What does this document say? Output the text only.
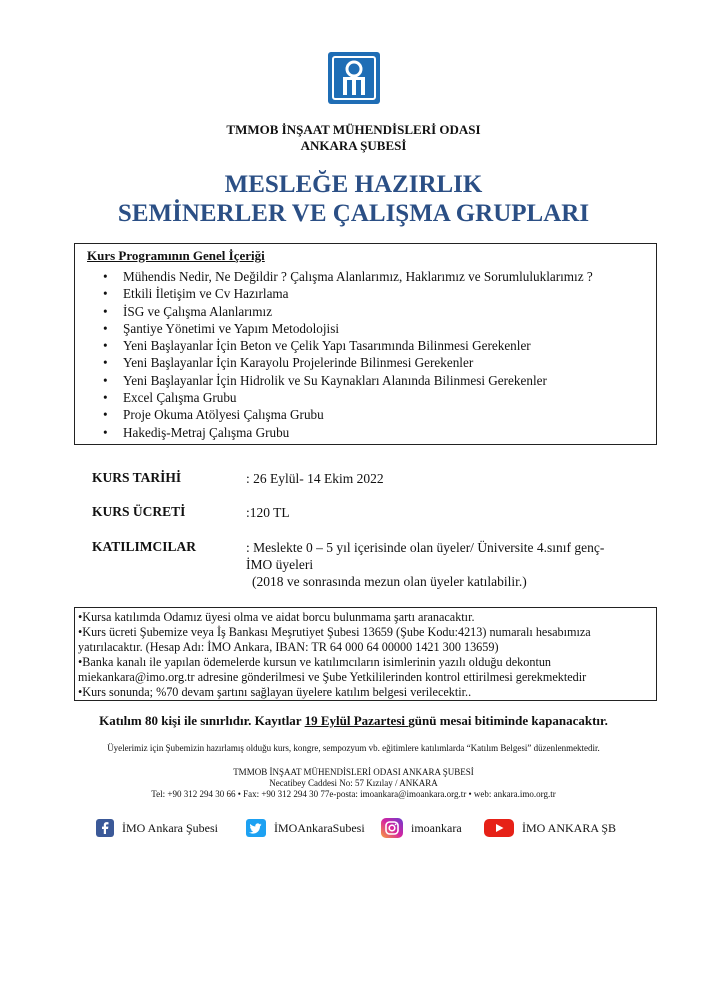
TMMOB İNŞAAT MÜHENDİSLERİ ODASI
ANKARA ŞUBESİ
MESLEĞE HAZIRLIK
SEMİNERLER VE ÇALIŞMA GRUPLARI
Kurs Programının Genel İçeriği
• Mühendis Nedir, Ne Değildir ? Çalışma Alanlarımız, Haklarımız ve Sorumluluklarımız ?
• Etkili İletişim ve Cv Hazırlama
• İSG ve Çalışma Alanlarımız
• Şantiye Yönetimi ve Yapım Metodolojisi
• Yeni Başlayanlar İçin Beton ve Çelik Yapı Tasarımında Bilinmesi Gerekenler
• Yeni Başlayanlar İçin Karayolu Projelerinde Bilinmesi Gerekenler
• Yeni Başlayanlar İçin Hidrolik ve Su Kaynakları Alanında Bilinmesi Gerekenler
• Excel Çalışma Grubu
• Proje Okuma Atölyesi Çalışma Grubu
• Hakediş-Metraj Çalışma Grubu
KURS TARİHİ	: 26 Eylül- 14 Ekim 2022
KURS ÜCRETİ	:120 TL
KATILIMCILAR	: Meslekte 0 – 5 yıl içerisinde olan üyeler/ Üniversite 4.sınıf genç-
İMO üyeleri
(2018 ve sonrasında mezun olan üyeler katılabilir.)
•Kursa katılımda Odamız üyesi olma ve aidat borcu bulunmama şartı aranacaktır.
•Kurs ücreti Şubemize veya İş Bankası Meşrutiyet Şubesi 13659 (Şube Kodu:4213) numaralı hesabımıza
yatırılacaktır. (Hesap Adı: İMO Ankara, IBAN: TR 64 000 64 00000 1421 300 13659)
•Banka kanalı ile yapılan ödemelerde kursun ve katılımcıların isimlerinin yazılı olduğu dekontun
miekankara@imo.org.tr adresine gönderilmesi ve Şube Yetkililerinden kontrol ettirilmesi gerekmektedir
•Kurs sonunda; %70 devam şartını sağlayan üyelere katılım belgesi verilecektir..
Katılım 80 kişi ile sınırlıdır. Kayıtlar 19 Eylül Pazartesi günü mesai bitiminde kapanacaktır.
Üyelerimiz için Şubemizin hazırlamış olduğu kurs, kongre, sempozyum vb. eğitimlere katılımlarda “Katılım Belgesi” düzenlenmektedir.
TMMOB İNŞAAT MÜHENDİSLERİ ODASI ANKARA ŞUBESİ
Necatibey Caddesi No: 57 Kızılay / ANKARA
Tel: +90 312 294 30 66 • Fax: +90 312 294 30 77e-posta: imoankara@imoankara.org.tr • web: ankara.imo.org.tr
İMO Ankara Şubesi	İMOAnkaraSubesi	imoankara	İMO ANKARA ŞB
